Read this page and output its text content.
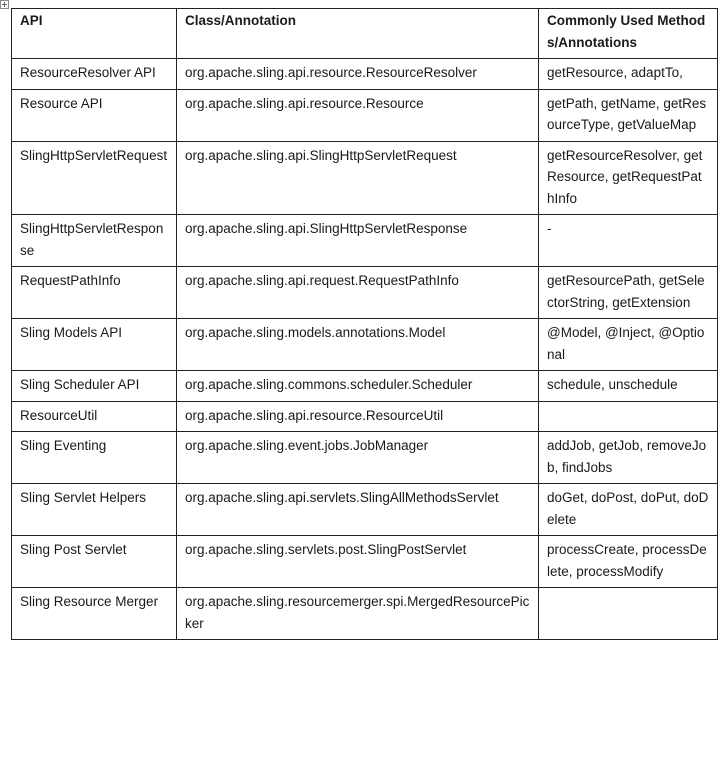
API	Class/Annotation	Commonly Used Methods/Annotations
ResourceResolver API	org.apache.sling.api.resource.ResourceResolver	getResource, adaptTo,
Resource API	org.apache.sling.api.resource.Resource	getPath, getName, getResourceType, getValueMap
SlingHttpServletRequest	org.apache.sling.api.SlingHttpServletRequest	getResourceResolver, getResource, getRequestPathInfo
SlingHttpServletResponse	org.apache.sling.api.SlingHttpServletResponse	-
RequestPathInfo	org.apache.sling.api.request.RequestPathInfo	getResourcePath, getSelectorString, getExtension
Sling Models API	org.apache.sling.models.annotations.Model	@Model, @Inject, @Optional
Sling Scheduler API	org.apache.sling.commons.scheduler.Scheduler	schedule, unschedule
ResourceUtil	org.apache.sling.api.resource.ResourceUtil	
Sling Eventing	org.apache.sling.event.jobs.JobManager	addJob, getJob, removeJob, findJobs
Sling Servlet Helpers	org.apache.sling.api.servlets.SlingAllMethodsServlet	doGet, doPost, doPut, doDelete
Sling Post Servlet	org.apache.sling.servlets.post.SlingPostServlet	processCreate, processDelete, processModify
Sling Resource Merger	org.apache.sling.resourcemerger.spi.MergedResourcePicker	
